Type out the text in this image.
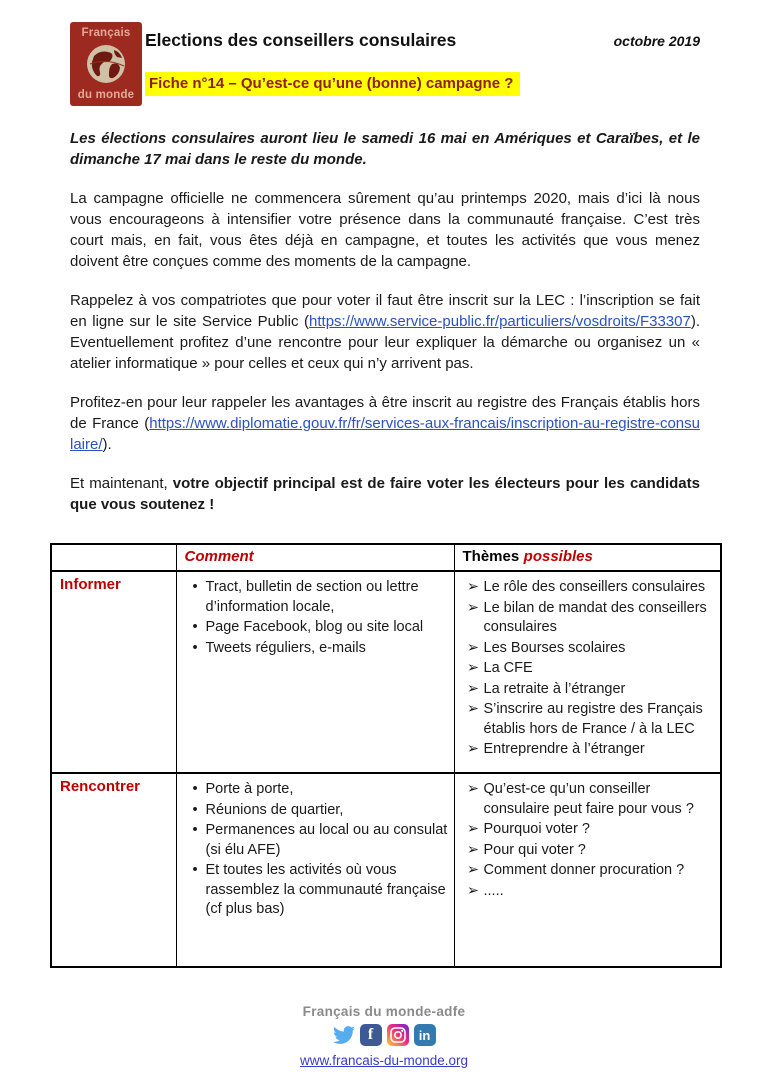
Français
du monde
Elections des conseillers consulaires	octobre 2019
Fiche n°14 – Qu’est-ce qu’une (bonne) campagne ?

Les élections consulaires auront lieu le samedi 16 mai en Amériques et Caraïbes, et le dimanche 17 mai dans le reste du monde.

La campagne officielle ne commencera sûrement qu’au printemps 2020, mais d’ici là nous vous encourageons à intensifier votre présence dans la communauté française. C’est très court mais, en fait, vous êtes déjà en campagne, et toutes les activités que vous menez doivent être conçues comme des moments de la campagne.

Rappelez à vos compatriotes que pour voter il faut être inscrit sur la LEC : l’inscription se fait en ligne sur le site Service Public (https://www.service-public.fr/particuliers/vosdroits/F33307). Eventuellement profitez d’une rencontre pour leur expliquer la démarche ou organisez un « atelier informatique » pour celles et ceux qui n’y arrivent pas.

Profitez-en pour leur rappeler les avantages à être inscrit au registre des Français établis hors de France (https://www.diplomatie.gouv.fr/fr/services-aux-francais/inscription-au-registre-consulaire/).

Et maintenant, votre objectif principal est de faire voter les électeurs pour les candidats que vous soutenez !

	Comment	Thèmes possibles
Informer	• Tract, bulletin de section ou lettre d’information locale,
• Page Facebook, blog ou site local
• Tweets réguliers, e-mails

➢ Le rôle des conseillers consulaires
➢ Le bilan de mandat des conseillers consulaires
➢ Les Bourses scolaires
➢ La CFE
➢ La retraite à l’étranger
➢ S’inscrire au registre des Français établis hors de France / à la LEC
➢ Entreprendre à l’étranger

Rencontrer	• Porte à porte,
• Réunions de quartier,
• Permanences au local ou au consulat (si élu AFE)
• Et toutes les activités où vous rassemblez la communauté française (cf plus bas)

➢ Qu’est-ce qu’un conseiller consulaire peut faire pour vous ?
➢ Pourquoi voter ?
➢ Pour qui voter ?
➢ Comment donner procuration ?
➢ .....
Français du monde-adfe
f	in
www.francais-du-monde.org
